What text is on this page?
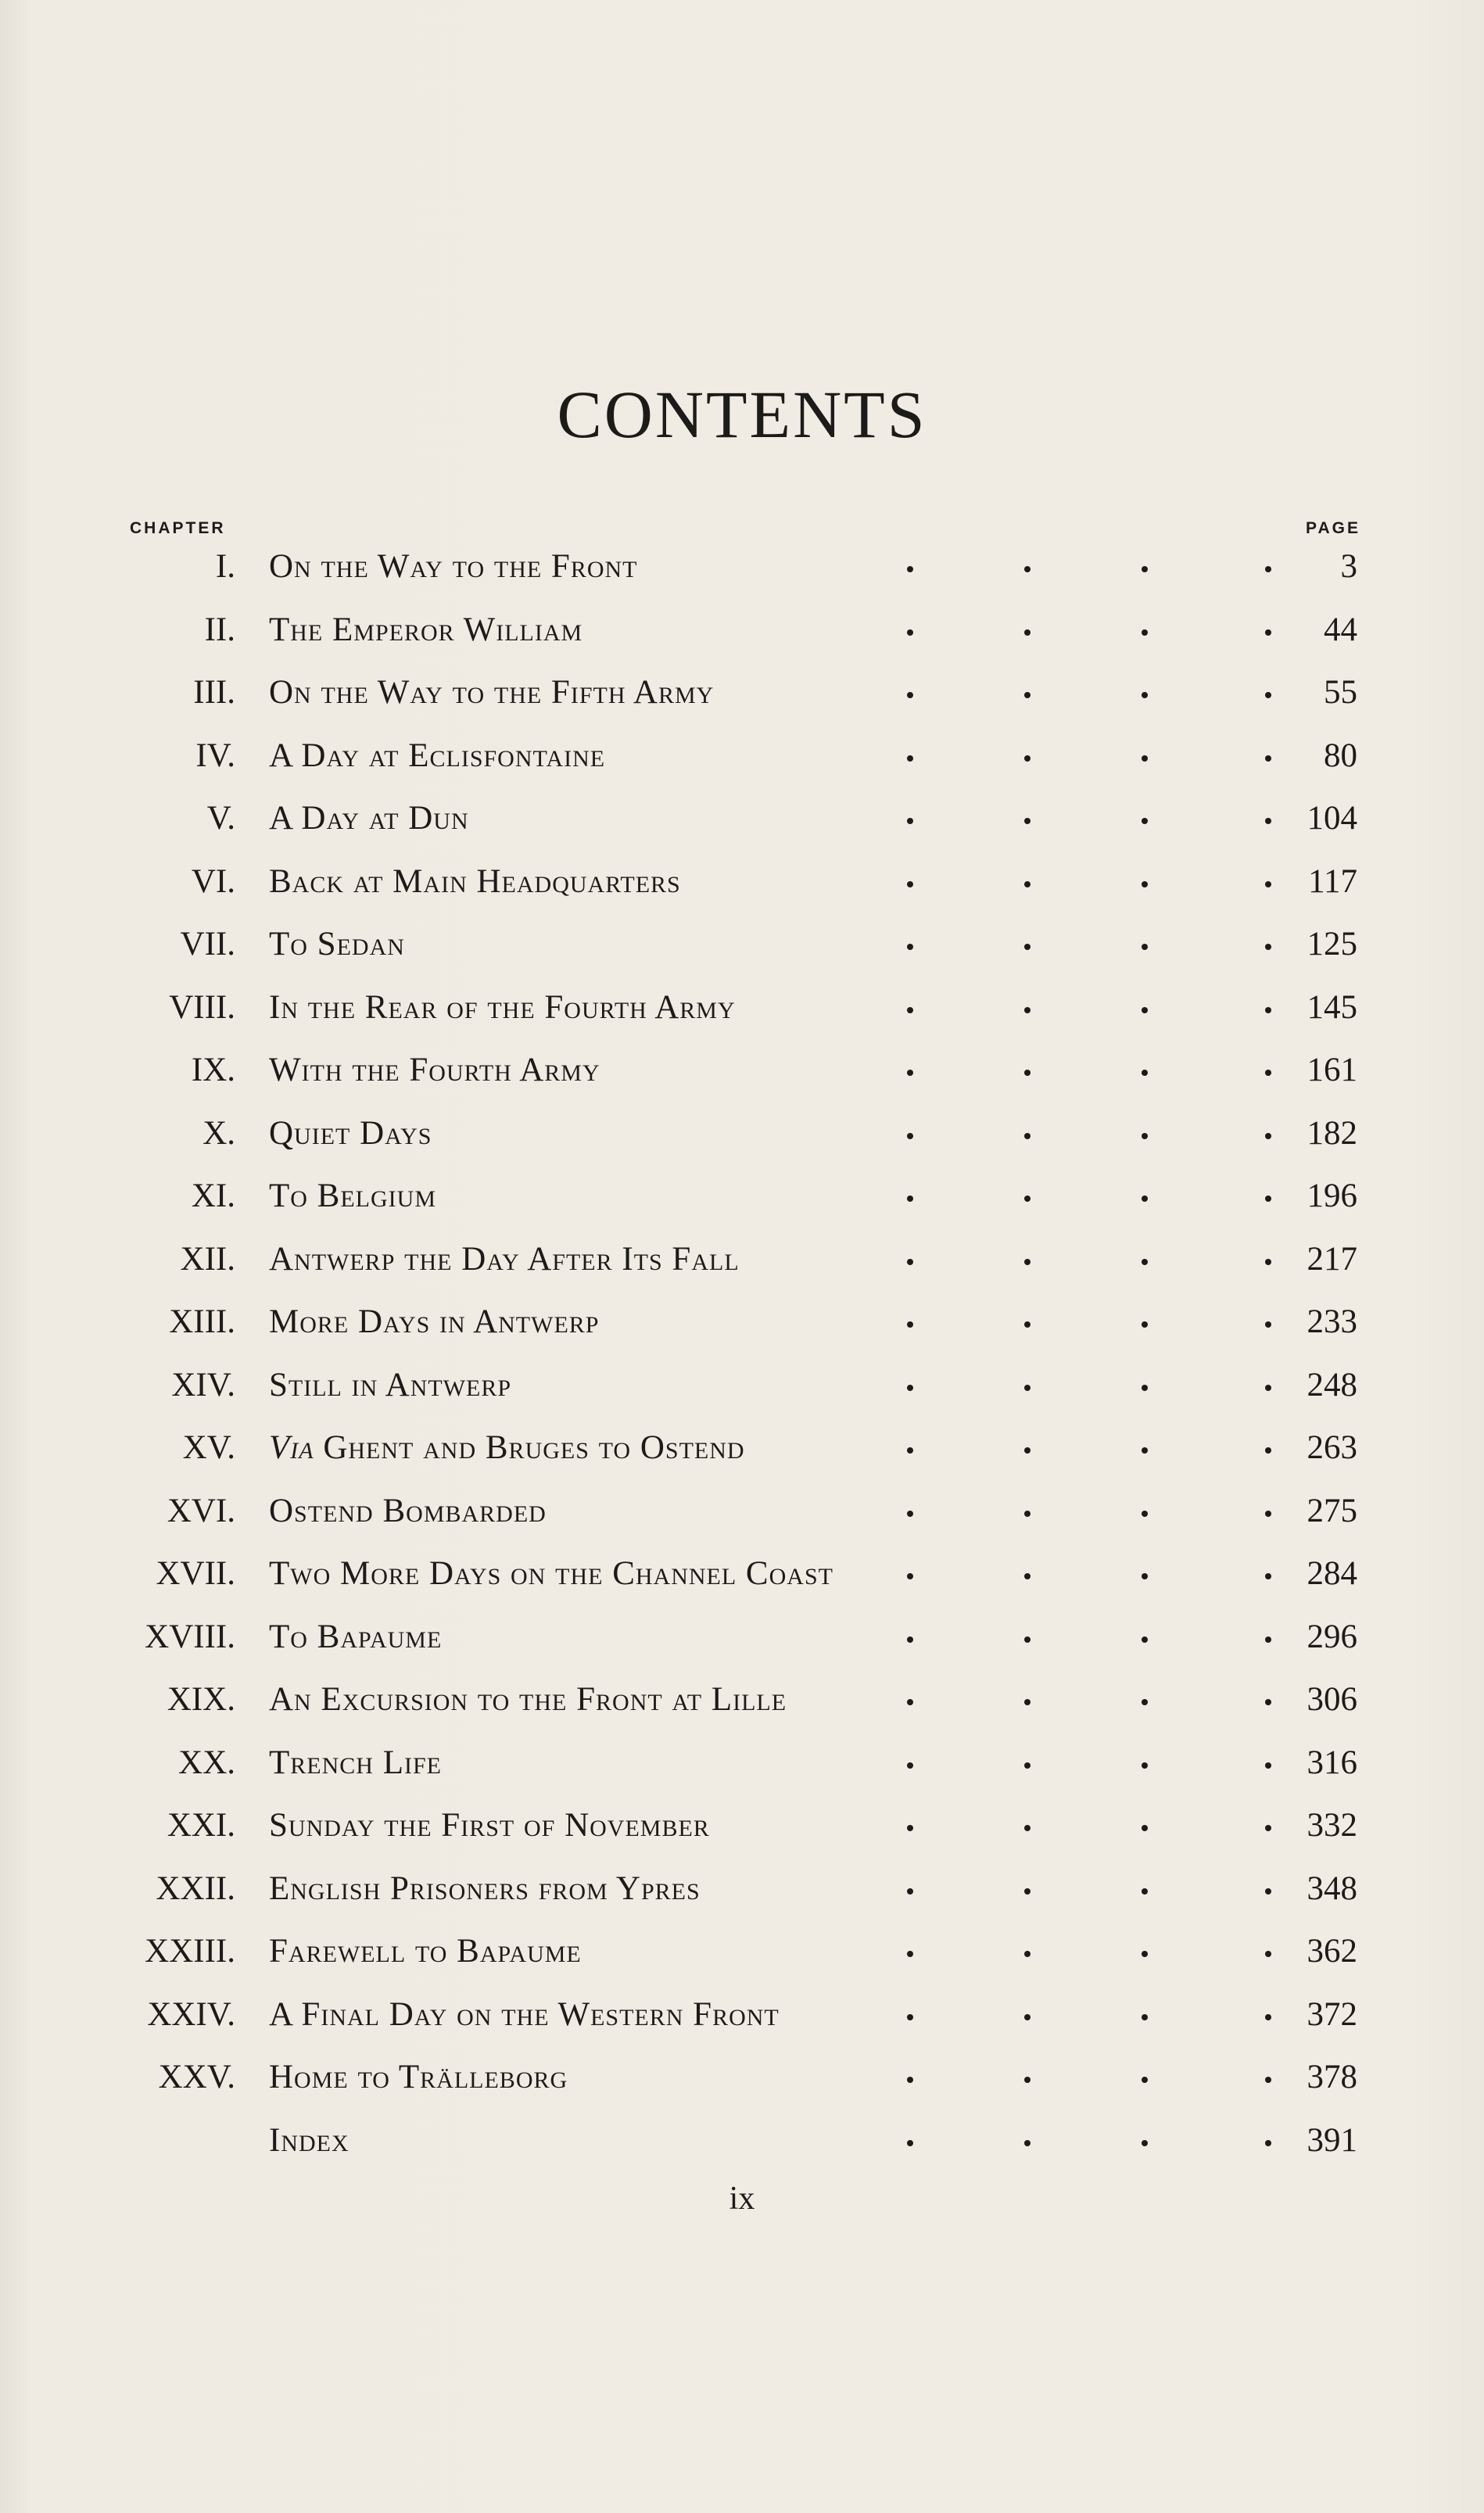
CONTENTS
CHAPTER	PAGE
I. On the Way to the Front	3
II. The Emperor William	44
III. On the Way to the Fifth Army	55
IV. A Day at Eclisfontaine	80
V. A Day at Dun	104
VI. Back at Main Headquarters	117
VII. To Sedan	125
VIII. In the Rear of the Fourth Army	145
IX. With the Fourth Army	161
X. Quiet Days	182
XI. To Belgium	196
XII. Antwerp the Day After Its Fall	217
XIII. More Days in Antwerp	233
XIV. Still in Antwerp	248
XV. Via Ghent and Bruges to Ostend	263
XVI. Ostend Bombarded	275
XVII. Two More Days on the Channel Coast	284
XVIII. To Bapaume	296
XIX. An Excursion to the Front at Lille	306
XX. Trench Life	316
XXI. Sunday the First of November	332
XXII. English Prisoners from Ypres	348
XXIII. Farewell to Bapaume	362
XXIV. A Final Day on the Western Front	372
XXV. Home to Trälleborg	378
Index	391
ix
